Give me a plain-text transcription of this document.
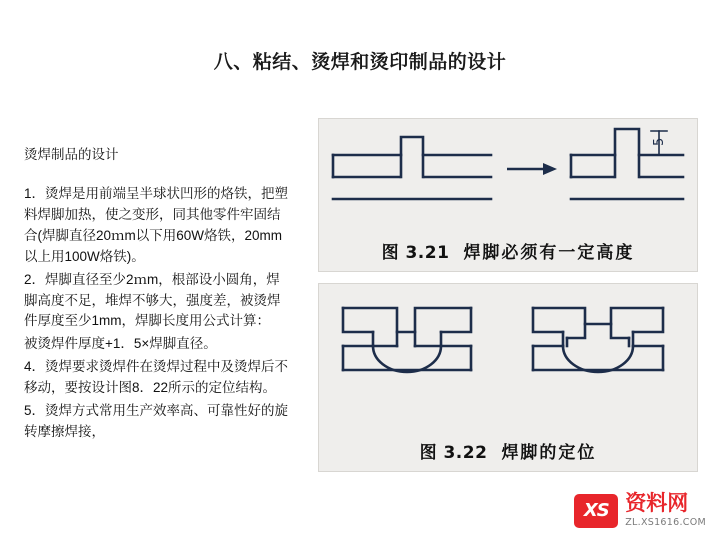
八、粘结、烫焊和烫印制品的设计

烫焊制品的设计

1．烫焊是用前端呈半球状凹形的烙铁，把塑料焊脚加热，使之变形，同其他零件牢固结合(焊脚直径20ｍm以下用60W烙铁，20mm以上用100W烙铁)。

2．焊脚直径至少2ｍm，根部设小圆角，焊脚高度不足，堆焊不够大，强度差，被烫焊件厚度至少1mm，焊脚长度用公式计算：

被烫焊件厚度+1．5×焊脚直径。

4．烫焊要求烫焊件在烫焊过程中及烫焊后不移动，要按设计图8．22所示的定位结构。

5．烫焊方式常用生产效率高、可靠性好的旋转摩擦焊接，

5
图 3.21 焊脚必须有一定高度
图 3.22 焊脚的定位
XS 资料网
ZL.XS1616.COM
